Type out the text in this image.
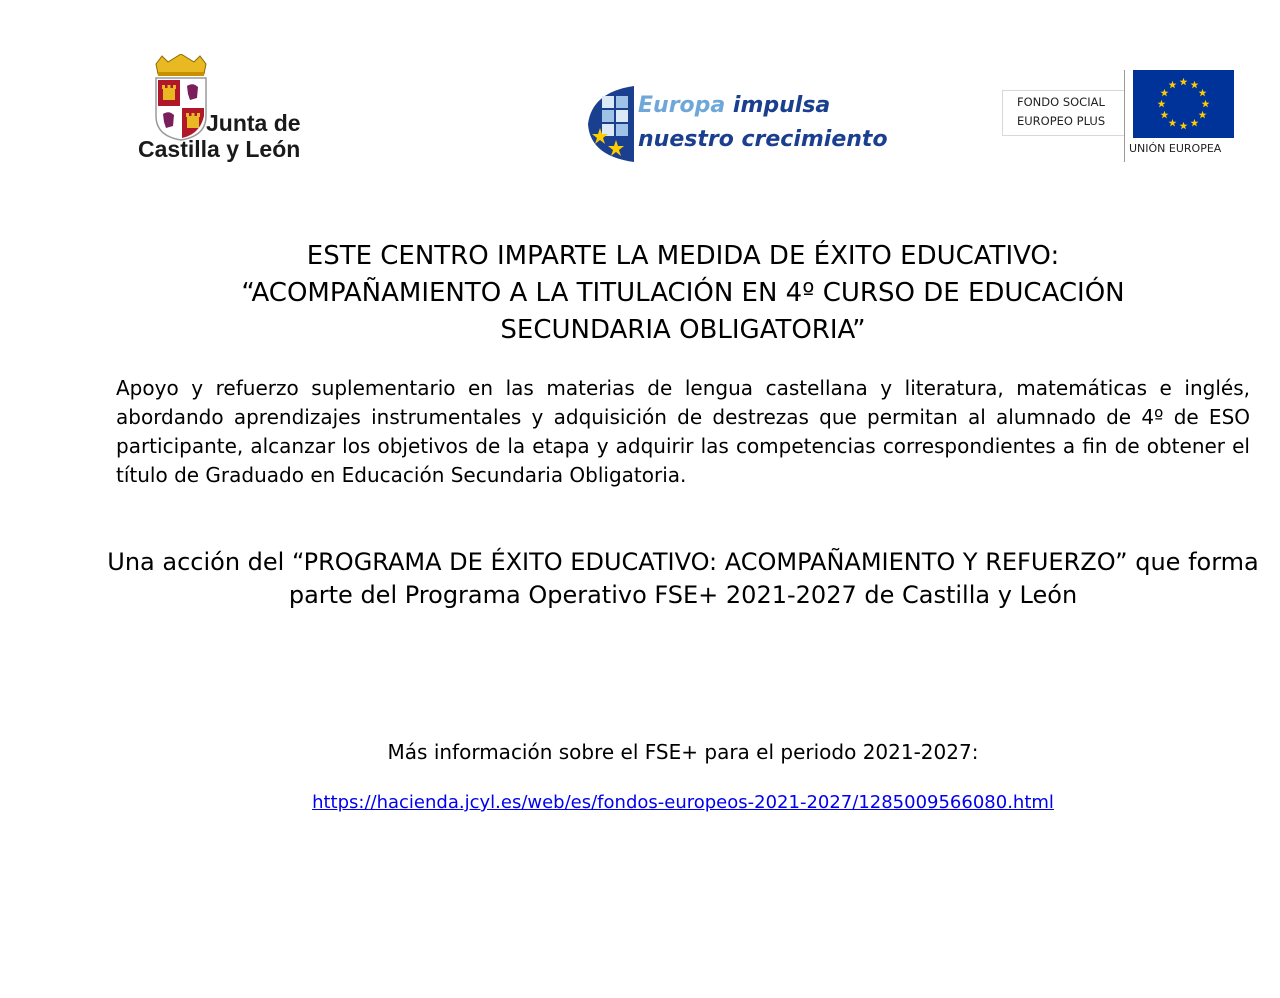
Junta de
Castilla y León
Europa impulsa
nuestro crecimiento
FONDO SOCIAL
EUROPEO PLUS
UNIÓN EUROPEA
ESTE CENTRO IMPARTE LA MEDIDA DE ÉXITO EDUCATIVO:
“ACOMPAÑAMIENTO A LA TITULACIÓN EN 4º CURSO DE EDUCACIÓN
SECUNDARIA OBLIGATORIA”

Apoyo y refuerzo suplementario en las materias de lengua castellana y literatura, matemáticas e inglés, abordando aprendizajes instrumentales y adquisición de destrezas que permitan al alumnado de 4º de ESO participante, alcanzar los objetivos de la etapa y adquirir las competencias correspondientes a fin de obtener el título de Graduado en Educación Secundaria Obligatoria.

Una acción del “PROGRAMA DE ÉXITO EDUCATIVO: ACOMPAÑAMIENTO Y REFUERZO” que forma parte del Programa Operativo FSE+ 2021-2027 de Castilla y León

Más información sobre el FSE+ para el periodo 2021-2027:

https://hacienda.jcyl.es/web/es/fondos-europeos-2021-2027/1285009566080.html
